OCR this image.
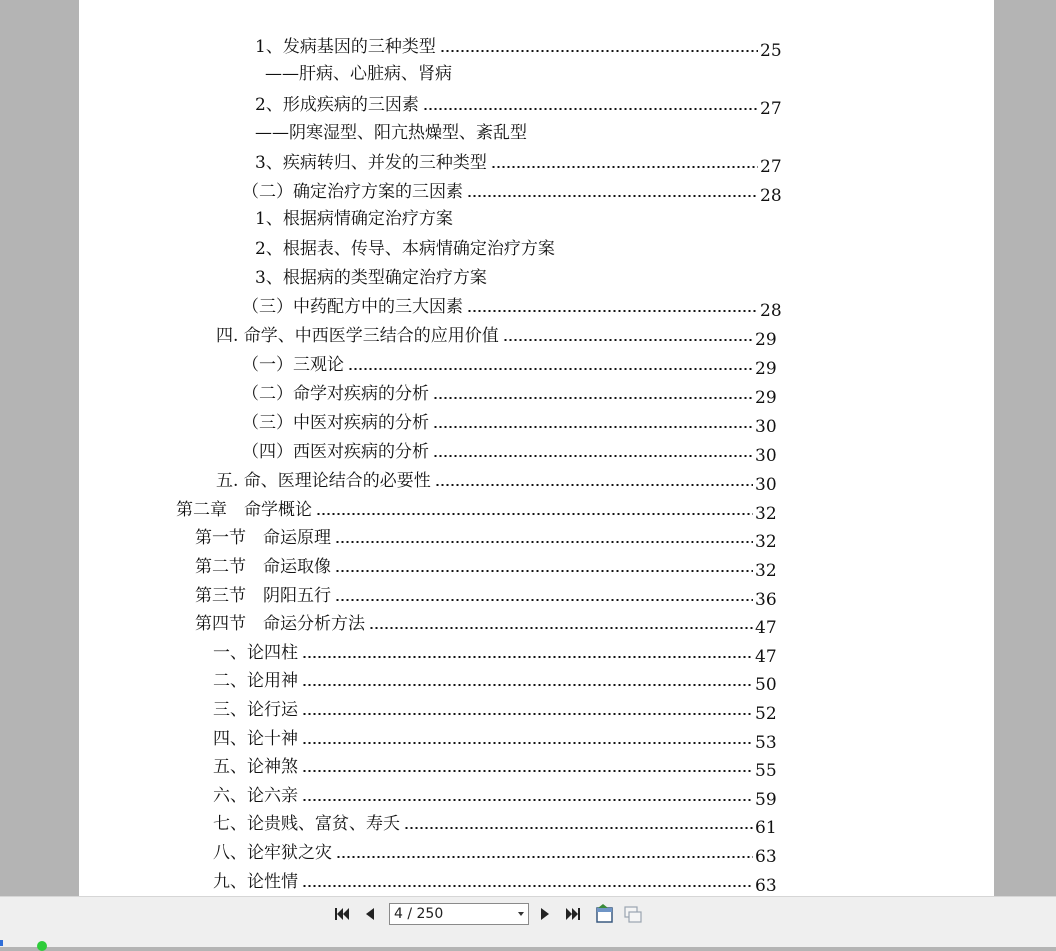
1、发病基因的三种类型	25
——肝病、心脏病、肾病
2、形成疾病的三因素	27
——阴寒湿型、阳亢热燥型、紊乱型
3、疾病转归、并发的三种类型	27
（二）确定治疗方案的三因素	28
1、根据病情确定治疗方案
2、根据表、传导、本病情确定治疗方案
3、根据病的类型确定治疗方案
（三）中药配方中的三大因素	28
四. 命学、中西医学三结合的应用价值	29
（一）三观论	29
（二）命学对疾病的分析	29
（三）中医对疾病的分析	30
（四）西医对疾病的分析	30
五. 命、医理论结合的必要性	30
第二章　命学概论	32
第一节　命运原理	32
第二节　命运取像	32
第三节　阴阳五行	36
第四节　命运分析方法	47
一、论四柱	47
二、论用神	50
三、论行运	52
四、论十神	53
五、论神煞	55
六、论六亲	59
七、论贵贱、富贫、寿夭	61
八、论牢狱之灾	63
九、论性情	63
4 / 250
